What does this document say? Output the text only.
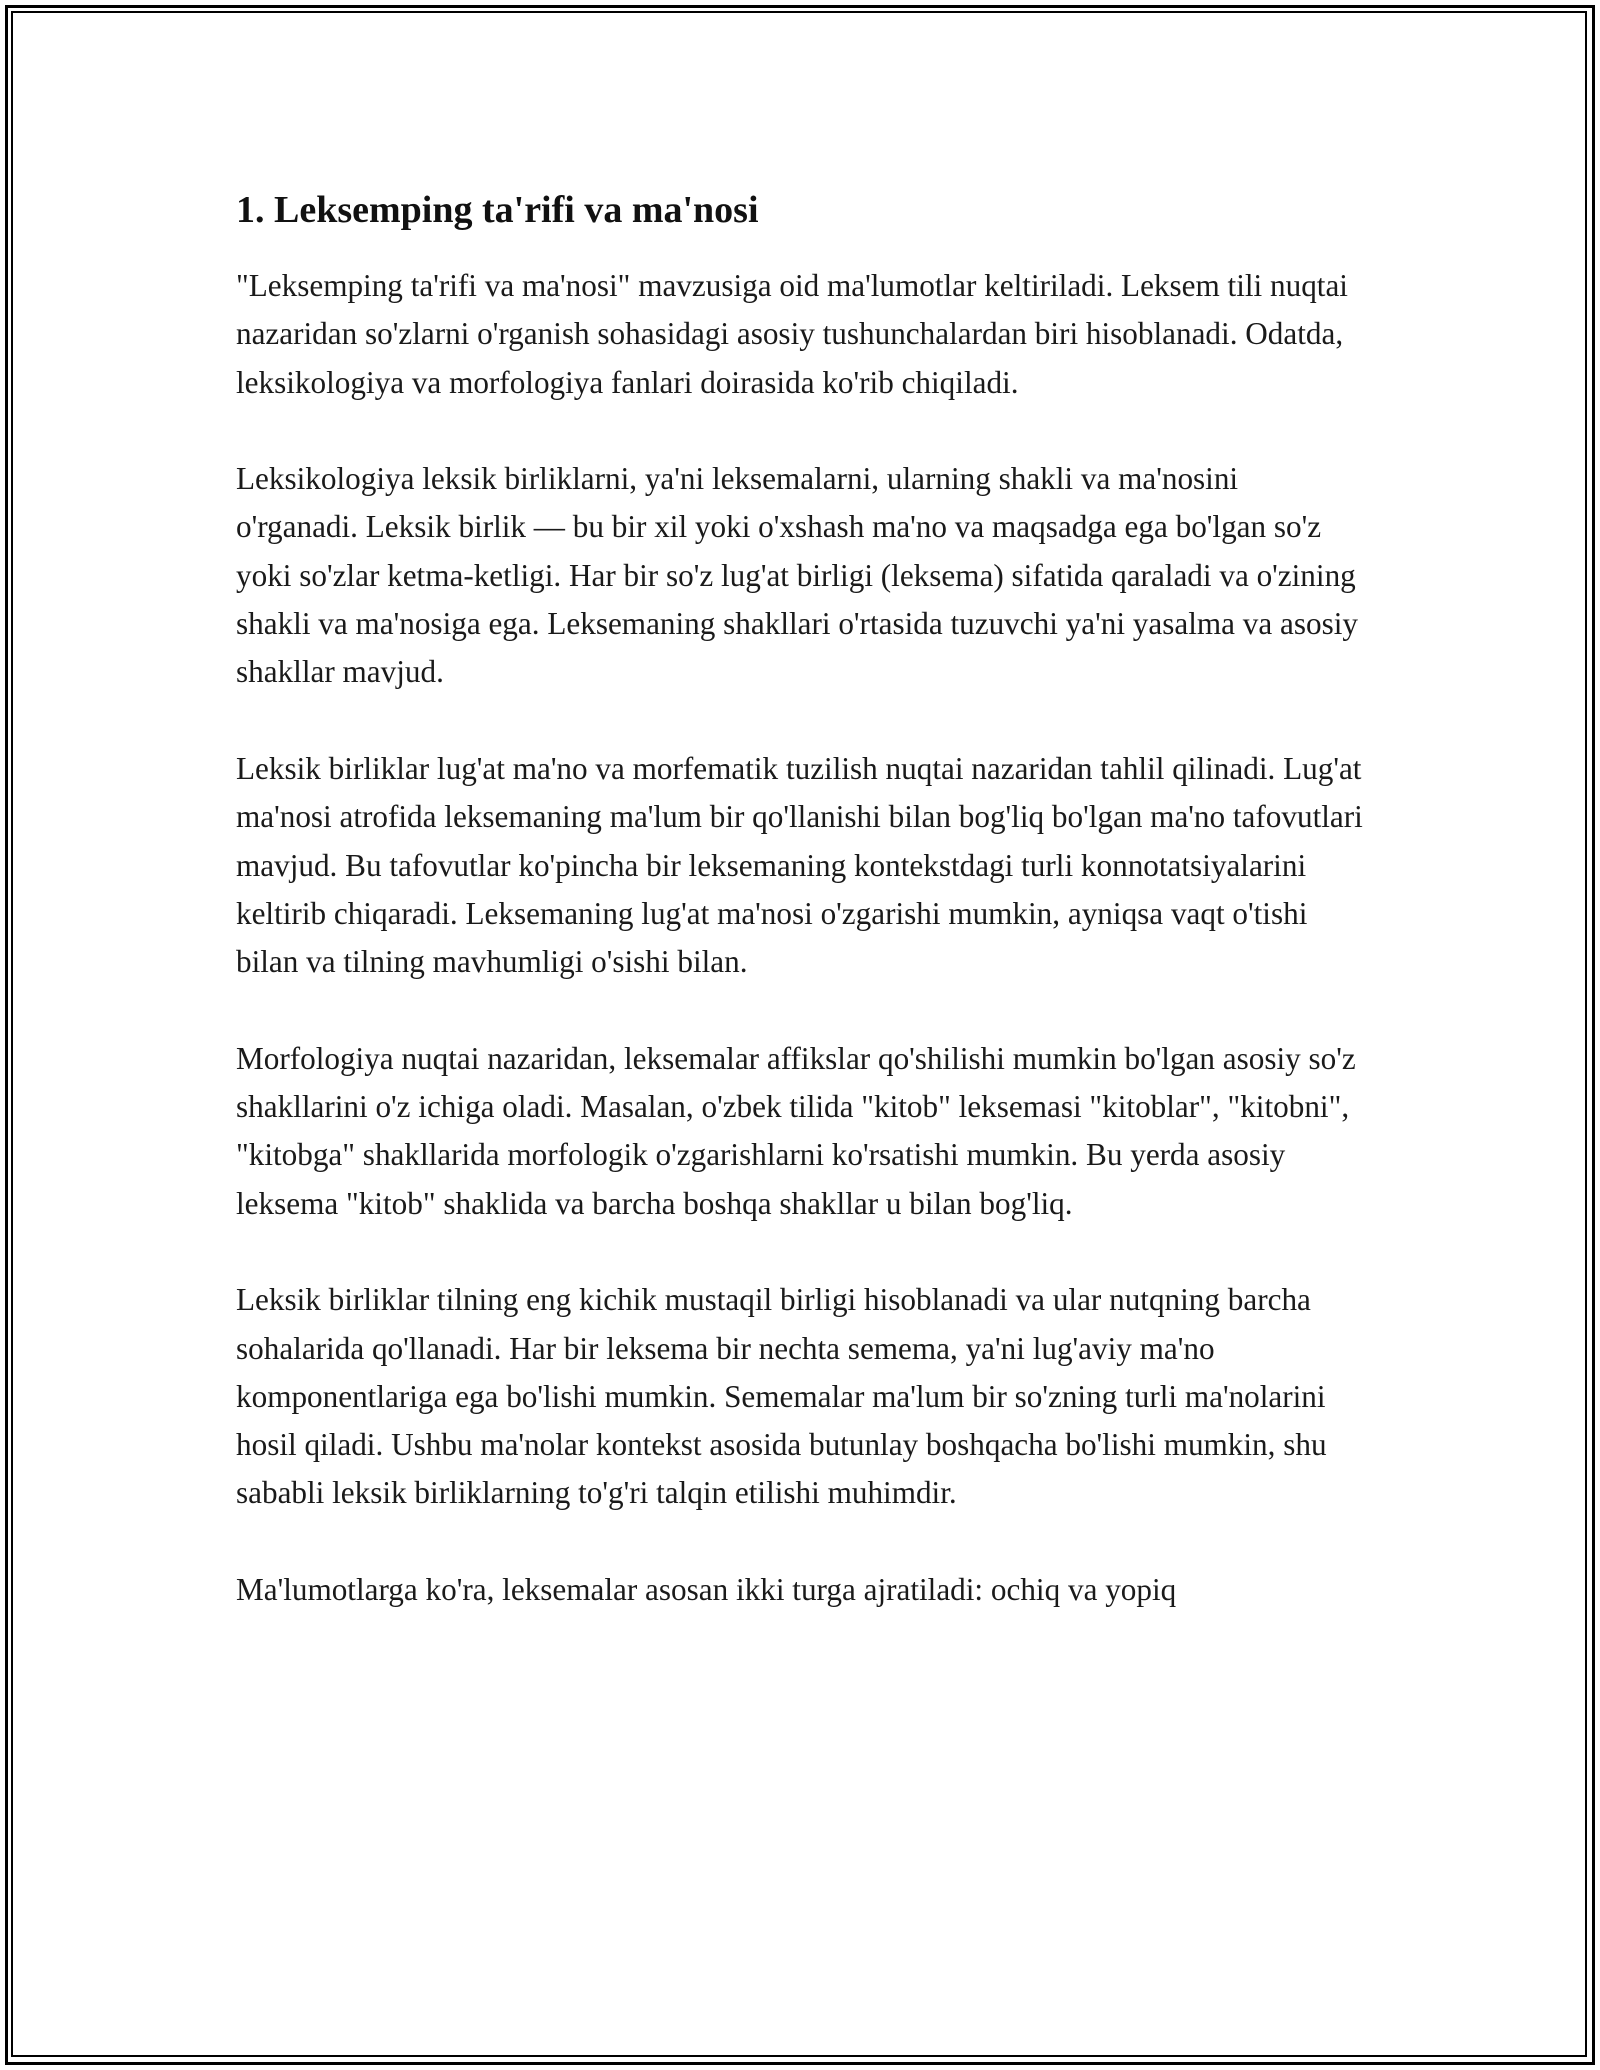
1. Leksemping ta'rifi va ma'nosi

"Leksemping ta'rifi va ma'nosi" mavzusiga oid ma'lumotlar keltiriladi. Leksem tili nuqtai nazaridan so'zlarni o'rganish sohasidagi asosiy tushunchalardan biri hisoblanadi. Odatda, leksikologiya va morfologiya fanlari doirasida ko'rib chiqiladi.

Leksikologiya leksik birliklarni, ya'ni leksemalarni, ularning shakli va ma'nosini o'rganadi. Leksik birlik — bu bir xil yoki o'xshash ma'no va maqsadga ega bo'lgan so'z yoki so'zlar ketma-ketligi. Har bir so'z lug'at birligi (leksema) sifatida qaraladi va o'zining shakli va ma'nosiga ega. Leksemaning shakllari o'rtasida tuzuvchi ya'ni yasalma va asosiy shakllar mavjud.

Leksik birliklar lug'at ma'no va morfematik tuzilish nuqtai nazaridan tahlil qilinadi. Lug'at ma'nosi atrofida leksemaning ma'lum bir qo'llanishi bilan bog'liq bo'lgan ma'no tafovutlari mavjud. Bu tafovutlar ko'pincha bir leksemaning kontekstdagi turli konnotatsiyalarini keltirib chiqaradi. Leksemaning lug'at ma'nosi o'zgarishi mumkin, ayniqsa vaqt o'tishi bilan va tilning mavhumligi o'sishi bilan.

Morfologiya nuqtai nazaridan, leksemalar affikslar qo'shilishi mumkin bo'lgan asosiy so'z shakllarini o'z ichiga oladi. Masalan, o'zbek tilida "kitob" leksemasi "kitoblar", "kitobni", "kitobga" shakllarida morfologik o'zgarishlarni ko'rsatishi mumkin. Bu yerda asosiy leksema "kitob" shaklida va barcha boshqa shakllar u bilan bog'liq.

Leksik birliklar tilning eng kichik mustaqil birligi hisoblanadi va ular nutqning barcha sohalarida qo'llanadi. Har bir leksema bir nechta semema, ya'ni lug'aviy ma'no komponentlariga ega bo'lishi mumkin. Sememalar ma'lum bir so'zning turli ma'nolarini hosil qiladi. Ushbu ma'nolar kontekst asosida butunlay boshqacha bo'lishi mumkin, shu sababli leksik birliklarning to'g'ri talqin etilishi muhimdir.

Ma'lumotlarga ko'ra, leksemalar asosan ikki turga ajratiladi: ochiq va yopiq
